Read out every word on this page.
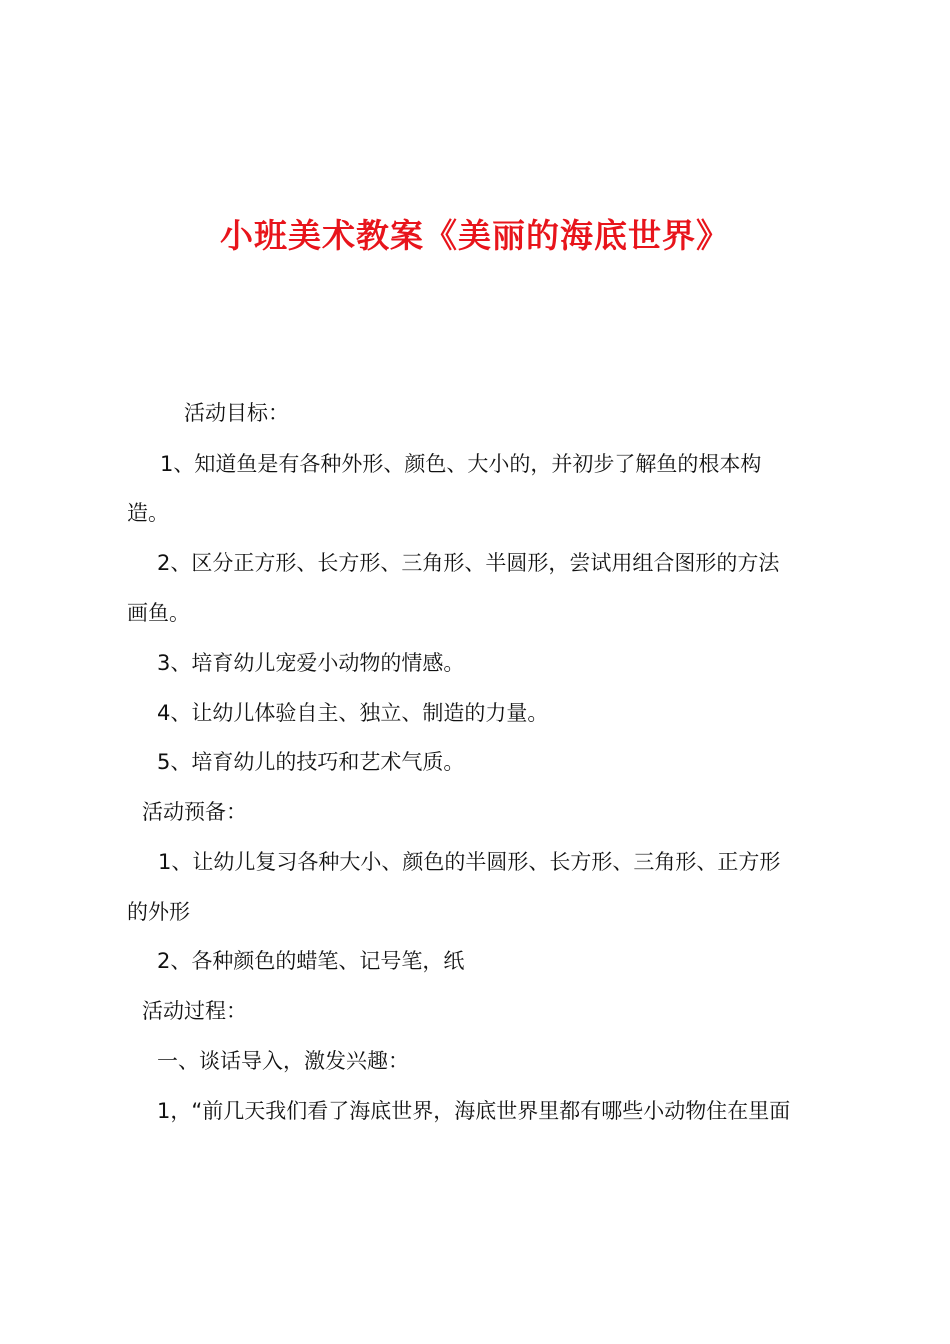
小班美术教案《美丽的海底世界》
活动目标：
1、知道鱼是有各种外形、颜色、大小的，并初步了解鱼的根本构
造。
2、区分正方形、长方形、三角形、半圆形，尝试用组合图形的方法
画鱼。
3、培育幼儿宠爱小动物的情感。
4、让幼儿体验自主、独立、制造的力量。
5、培育幼儿的技巧和艺术气质。
活动预备：
1、让幼儿复习各种大小、颜色的半圆形、长方形、三角形、正方形
的外形
2、各种颜色的蜡笔、记号笔，纸
活动过程：
一、谈话导入，激发兴趣：
1，“前几天我们看了海底世界，海底世界里都有哪些小动物住在里面
